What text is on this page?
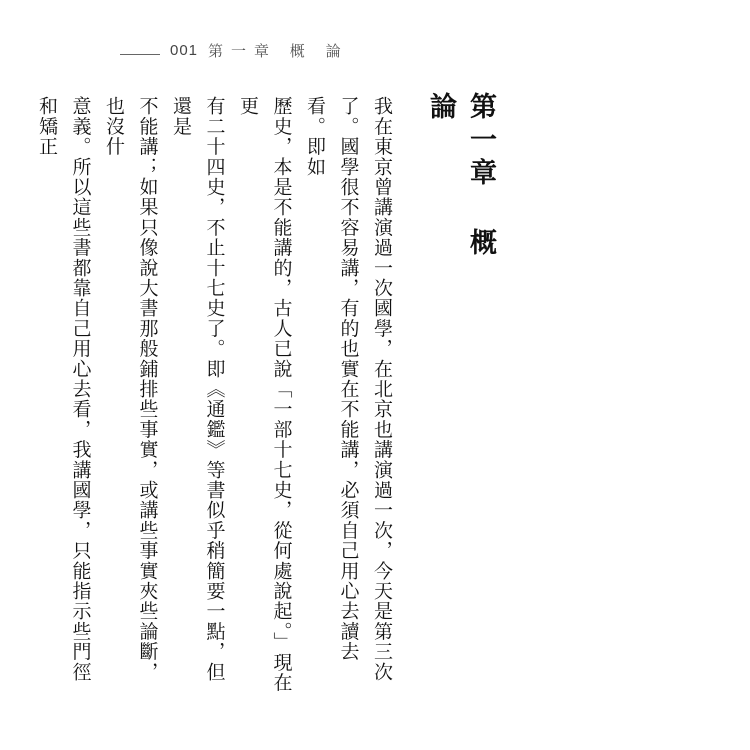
001 第一章 概 論
第一章 概 論
我在東京曾講演過一次國學，在北京也講演過一次，今天是第三次
了。國學很不容易講，有的也實在不能講，必須自己用心去讀去看。即如
歷史，本是不能講的，古人已說「一部十七史，從何處說起。」現在更
有二十四史，不止十七史了。即《通鑑》等書似乎稍簡要一點，但還是
不能講；如果只像說大書那般鋪排些事實，或講些事實夾些論斷，也沒什
意義。所以這些書都靠自己用心去看，我講國學，只能指示些門徑和矯正
